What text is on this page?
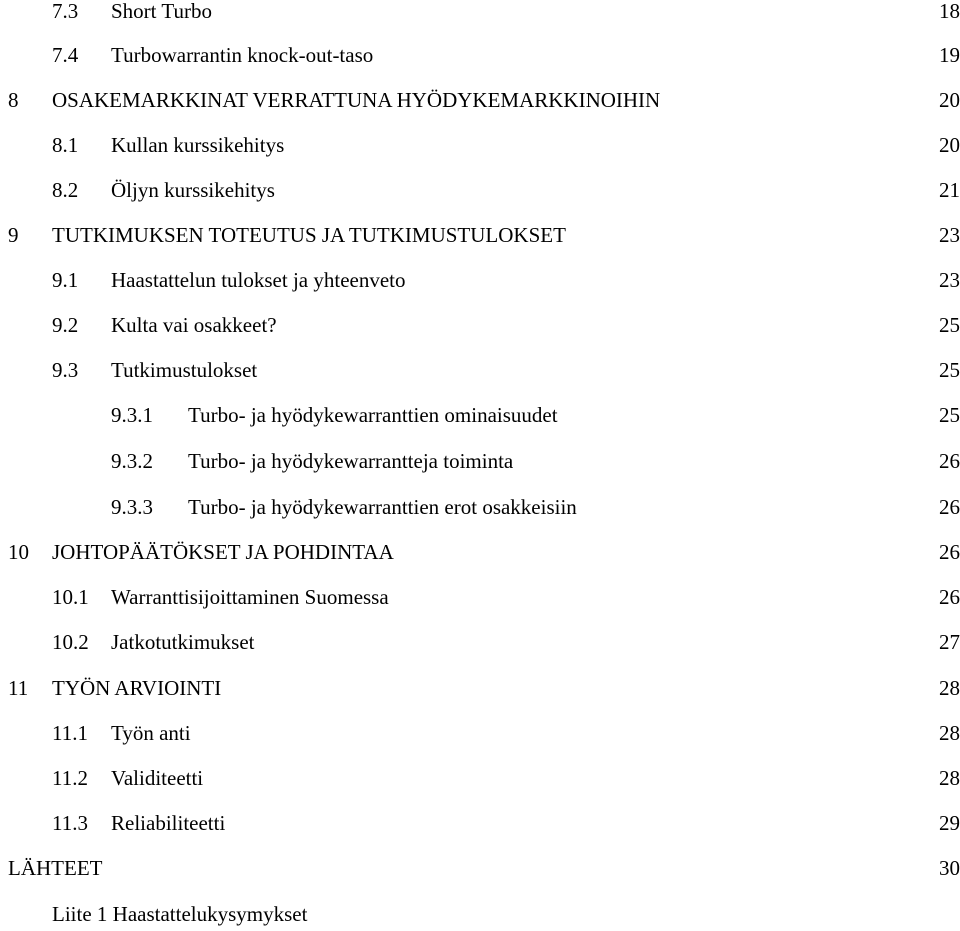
7.3 Short Turbo	18
7.4 Turbowarrantin knock-out-taso	19
8 OSAKEMARKKINAT VERRATTUNA HYÖDYKEMARKKINOIHIN	20
8.1 Kullan kurssikehitys	20
8.2 Öljyn kurssikehitys	21
9 TUTKIMUKSEN TOTEUTUS JA TUTKIMUSTULOKSET	23
9.1 Haastattelun tulokset ja yhteenveto	23
9.2 Kulta vai osakkeet?	25
9.3 Tutkimustulokset	25
9.3.1 Turbo- ja hyödykewarranttien ominaisuudet	25
9.3.2 Turbo- ja hyödykewarrantteja toiminta	26
9.3.3 Turbo- ja hyödykewarranttien erot osakkeisiin	26
10 JOHTOPÄÄTÖKSET JA POHDINTAA	26
10.1 Warranttisijoittaminen Suomessa	26
10.2 Jatkotutkimukset	27
11 TYÖN ARVIOINTI	28
11.1 Työn anti	28
11.2 Validiteetti	28
11.3 Reliabiliteetti	29
LÄHTEET	30
Liite 1 Haastattelukysymykset
